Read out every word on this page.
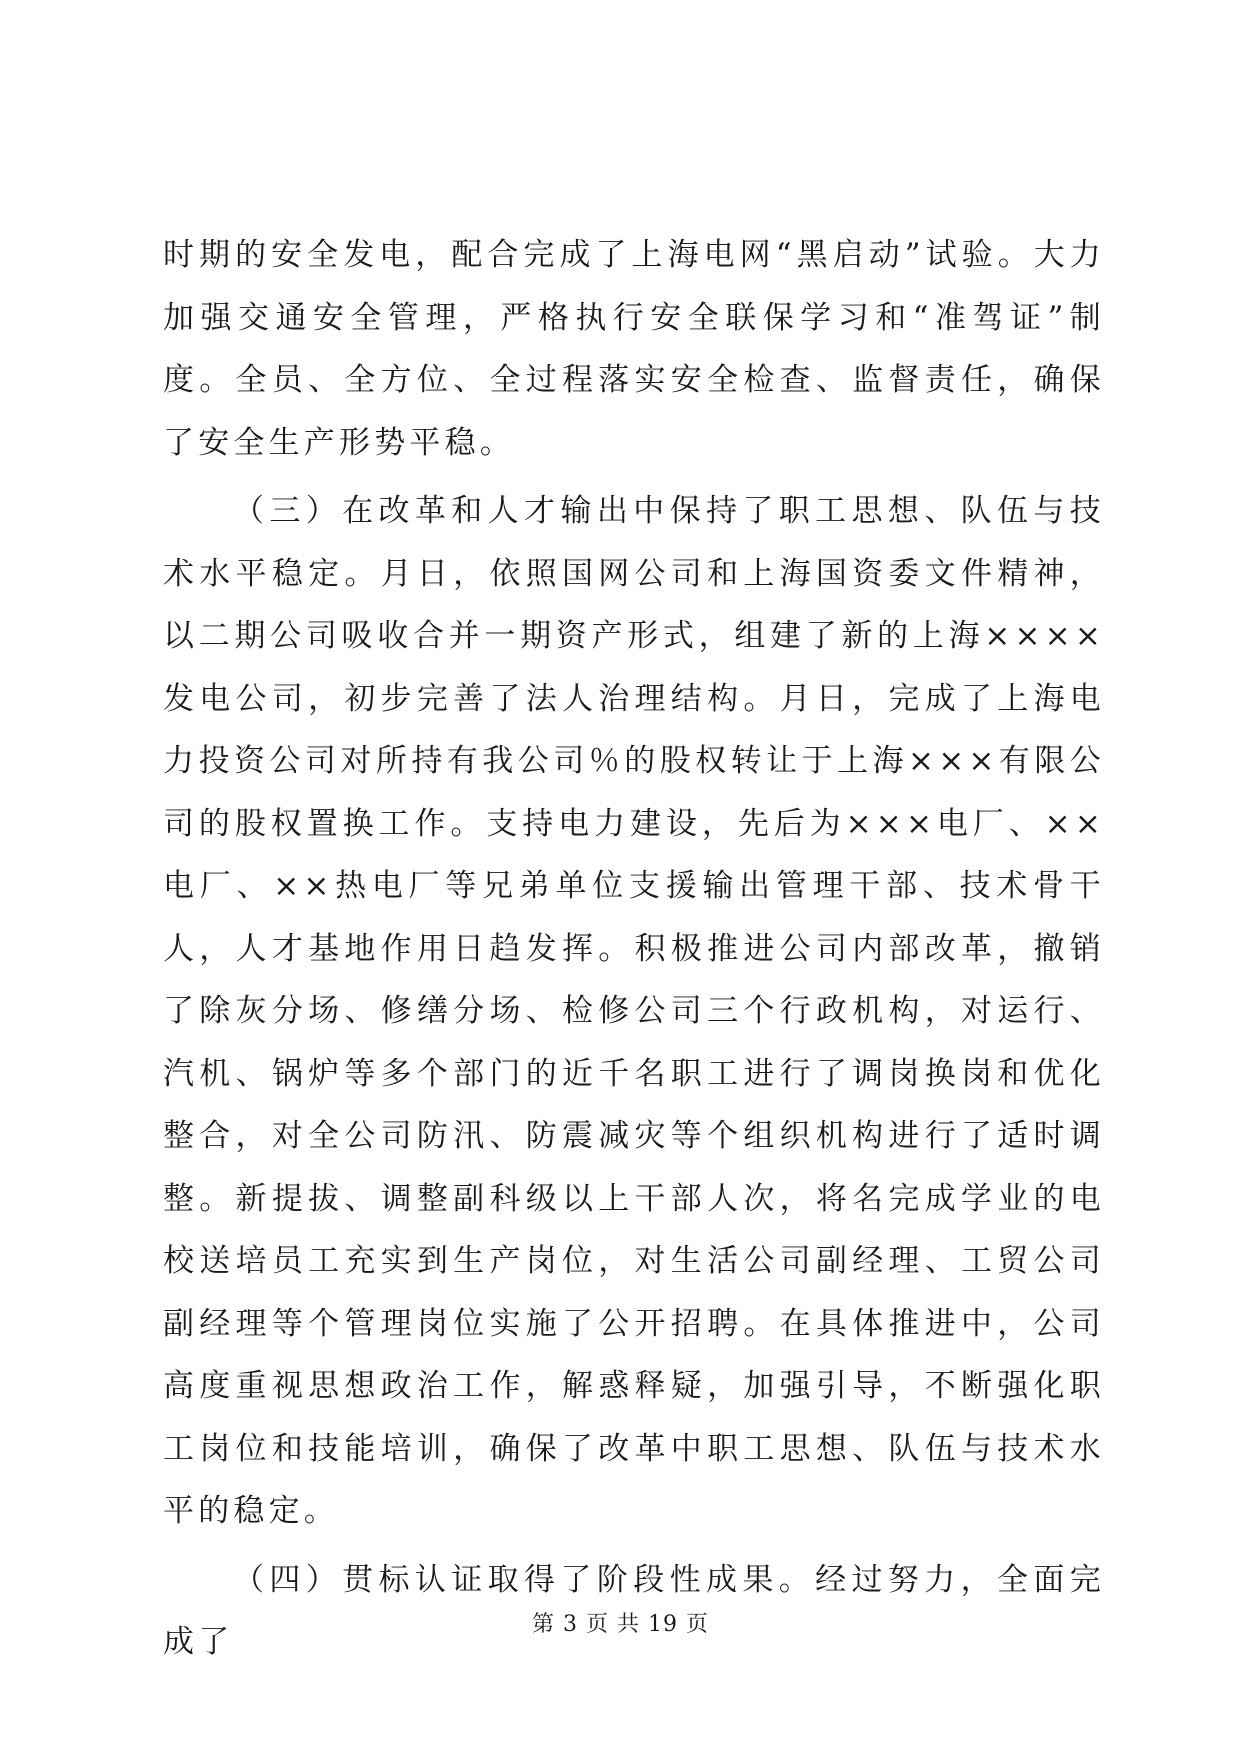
时期的安全发电，配合完成了上海电网“黑启动”试验。大力加强交通安全管理，严格执行安全联保学习和“准驾证”制度。全员、全方位、全过程落实安全检查、监督责任，确保了安全生产形势平稳。

（三）在改革和人才输出中保持了职工思想、队伍与技术水平稳定。月日，依照国网公司和上海国资委文件精神，以二期公司吸收合并一期资产形式，组建了新的上海××××发电公司，初步完善了法人治理结构。月日，完成了上海电力投资公司对所持有我公司％的股权转让于上海×××有限公司的股权置换工作。支持电力建设，先后为×××电厂、××电厂、××热电厂等兄弟单位支援输出管理干部、技术骨干人，人才基地作用日趋发挥。积极推进公司内部改革，撤销了除灰分场、修缮分场、检修公司三个行政机构，对运行、汽机、锅炉等多个部门的近千名职工进行了调岗换岗和优化整合，对全公司防汛、防震减灾等个组织机构进行了适时调整。新提拔、调整副科级以上干部人次，将名完成学业的电校送培员工充实到生产岗位，对生活公司副经理、工贸公司副经理等个管理岗位实施了公开招聘。在具体推进中，公司高度重视思想政治工作，解惑释疑，加强引导，不断强化职工岗位和技能培训，确保了改革中职工思想、队伍与技术水平的稳定。

（四）贯标认证取得了阶段性成果。经过努力，全面完成了	第 3 页 共 19 页
